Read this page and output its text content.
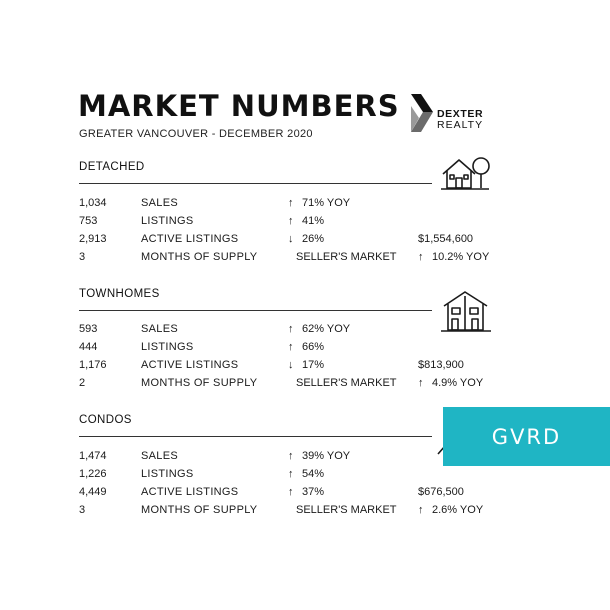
MARKET NUMBERS
GREATER VANCOUVER - DECEMBER 2020
DEXTER
REALTY
DETACHED
1,034	SALES	↑ 71% YOY
753	LISTINGS	↑ 41%
2,913	ACTIVE LISTINGS	↓ 26%	$1,554,600
3	MONTHS OF SUPPLY	SELLER'S MARKET ↑ 10.2% YOY
TOWNHOMES
593	SALES	↑ 62% YOY
444	LISTINGS	↑ 66%
1,176	ACTIVE LISTINGS	↓ 17%	$813,900
2	MONTHS OF SUPPLY	SELLER'S MARKET ↑ 4.9% YOY
CONDOS
1,474	SALES	↑ 39% YOY
1,226	LISTINGS	↑ 54%
4,449	ACTIVE LISTINGS	↑ 37%	$676,500
3	MONTHS OF SUPPLY	SELLER'S MARKET ↑ 2.6% YOY
GVRD
